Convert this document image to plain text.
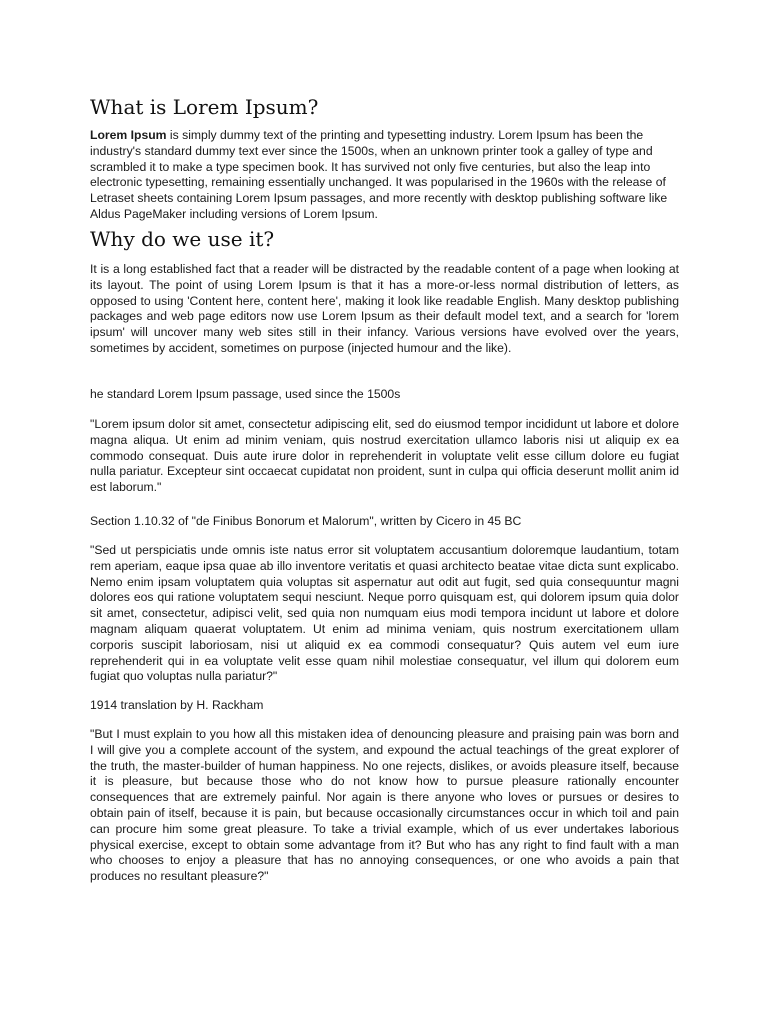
What is Lorem Ipsum?

Lorem Ipsum is simply dummy text of the printing and typesetting industry. Lorem Ipsum has been the industry's standard dummy text ever since the 1500s, when an unknown printer took a galley of type and scrambled it to make a type specimen book. It has survived not only five centuries, but also the leap into electronic typesetting, remaining essentially unchanged. It was popularised in the 1960s with the release of Letraset sheets containing Lorem Ipsum passages, and more recently with desktop publishing software like Aldus PageMaker including versions of Lorem Ipsum.

Why do we use it?

It is a long established fact that a reader will be distracted by the readable content of a page when looking at its layout. The point of using Lorem Ipsum is that it has a more-or-less normal distribution of letters, as opposed to using 'Content here, content here', making it look like readable English. Many desktop publishing packages and web page editors now use Lorem Ipsum as their default model text, and a search for 'lorem ipsum' will uncover many web sites still in their infancy. Various versions have evolved over the years, sometimes by accident, sometimes on purpose (injected humour and the like).

he standard Lorem Ipsum passage, used since the 1500s

"Lorem ipsum dolor sit amet, consectetur adipiscing elit, sed do eiusmod tempor incididunt ut labore et dolore magna aliqua. Ut enim ad minim veniam, quis nostrud exercitation ullamco laboris nisi ut aliquip ex ea commodo consequat. Duis aute irure dolor in reprehenderit in voluptate velit esse cillum dolore eu fugiat nulla pariatur. Excepteur sint occaecat cupidatat non proident, sunt in culpa qui officia deserunt mollit anim id est laborum."

Section 1.10.32 of "de Finibus Bonorum et Malorum", written by Cicero in 45 BC

"Sed ut perspiciatis unde omnis iste natus error sit voluptatem accusantium doloremque laudantium, totam rem aperiam, eaque ipsa quae ab illo inventore veritatis et quasi architecto beatae vitae dicta sunt explicabo. Nemo enim ipsam voluptatem quia voluptas sit aspernatur aut odit aut fugit, sed quia consequuntur magni dolores eos qui ratione voluptatem sequi nesciunt. Neque porro quisquam est, qui dolorem ipsum quia dolor sit amet, consectetur, adipisci velit, sed quia non numquam eius modi tempora incidunt ut labore et dolore magnam aliquam quaerat voluptatem. Ut enim ad minima veniam, quis nostrum exercitationem ullam corporis suscipit laboriosam, nisi ut aliquid ex ea commodi consequatur? Quis autem vel eum iure reprehenderit qui in ea voluptate velit esse quam nihil molestiae consequatur, vel illum qui dolorem eum fugiat quo voluptas nulla pariatur?"

1914 translation by H. Rackham

"But I must explain to you how all this mistaken idea of denouncing pleasure and praising pain was born and I will give you a complete account of the system, and expound the actual teachings of the great explorer of the truth, the master-builder of human happiness. No one rejects, dislikes, or avoids pleasure itself, because it is pleasure, but because those who do not know how to pursue pleasure rationally encounter consequences that are extremely painful. Nor again is there anyone who loves or pursues or desires to obtain pain of itself, because it is pain, but because occasionally circumstances occur in which toil and pain can procure him some great pleasure. To take a trivial example, which of us ever undertakes laborious physical exercise, except to obtain some advantage from it? But who has any right to find fault with a man who chooses to enjoy a pleasure that has no annoying consequences, or one who avoids a pain that produces no resultant pleasure?"
